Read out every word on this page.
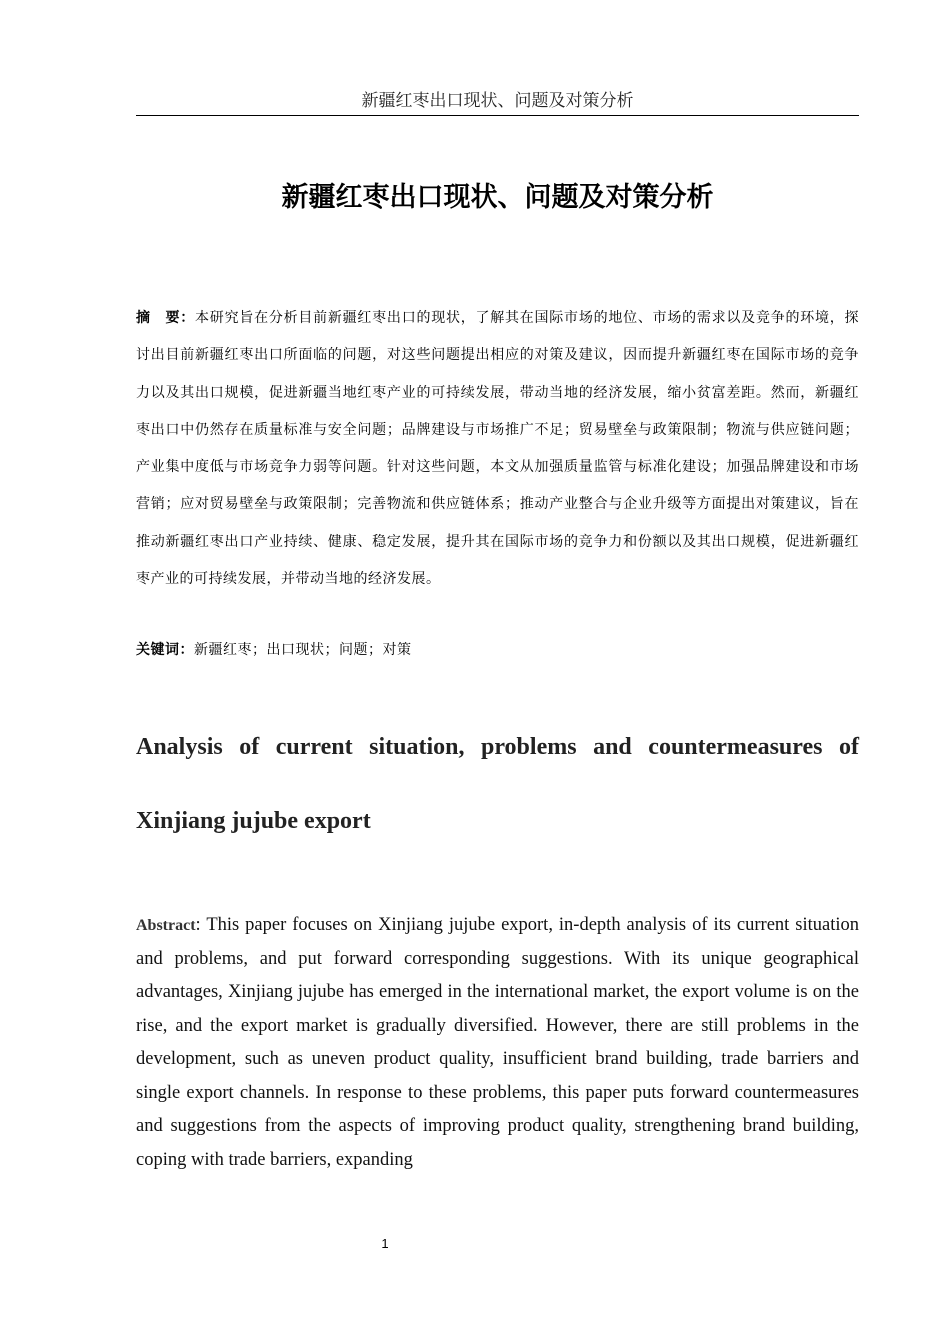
新疆红枣出口现状、问题及对策分析
新疆红枣出口现状、问题及对策分析

摘　要：本研究旨在分析目前新疆红枣出口的现状，了解其在国际市场的地位、市场的需求以及竞争的环境，探讨出目前新疆红枣出口所面临的问题，对这些问题提出相应的对策及建议，因而提升新疆红枣在国际市场的竞争力以及其出口规模，促进新疆当地红枣产业的可持续发展，带动当地的经济发展，缩小贫富差距。然而，新疆红枣出口中仍然存在质量标准与安全问题；品牌建设与市场推广不足；贸易壁垒与政策限制；物流与供应链问题；产业集中度低与市场竞争力弱等问题。针对这些问题，本文从加强质量监管与标准化建设；加强品牌建设和市场营销；应对贸易壁垒与政策限制；完善物流和供应链体系；推动产业整合与企业升级等方面提出对策建议，旨在推动新疆红枣出口产业持续、健康、稳定发展，提升其在国际市场的竞争力和份额以及其出口规模，促进新疆红枣产业的可持续发展，并带动当地的经济发展。

关键词：新疆红枣；出口现状；问题；对策

Analysis of current situation, problems and countermeasures of
Xinjiang jujube export

Abstract: This paper focuses on Xinjiang jujube export, in-depth analysis of its current situation and problems, and put forward corresponding suggestions. With its unique geographical advantages, Xinjiang jujube has emerged in the international market, the export volume is on the rise, and the export market is gradually diversified. However, there are still problems in the development, such as uneven product quality, insufficient brand building, trade barriers and single export channels. In response to these problems, this paper puts forward countermeasures and suggestions from the aspects of improving product quality, strengthening brand building, coping with trade barriers, expanding

1
